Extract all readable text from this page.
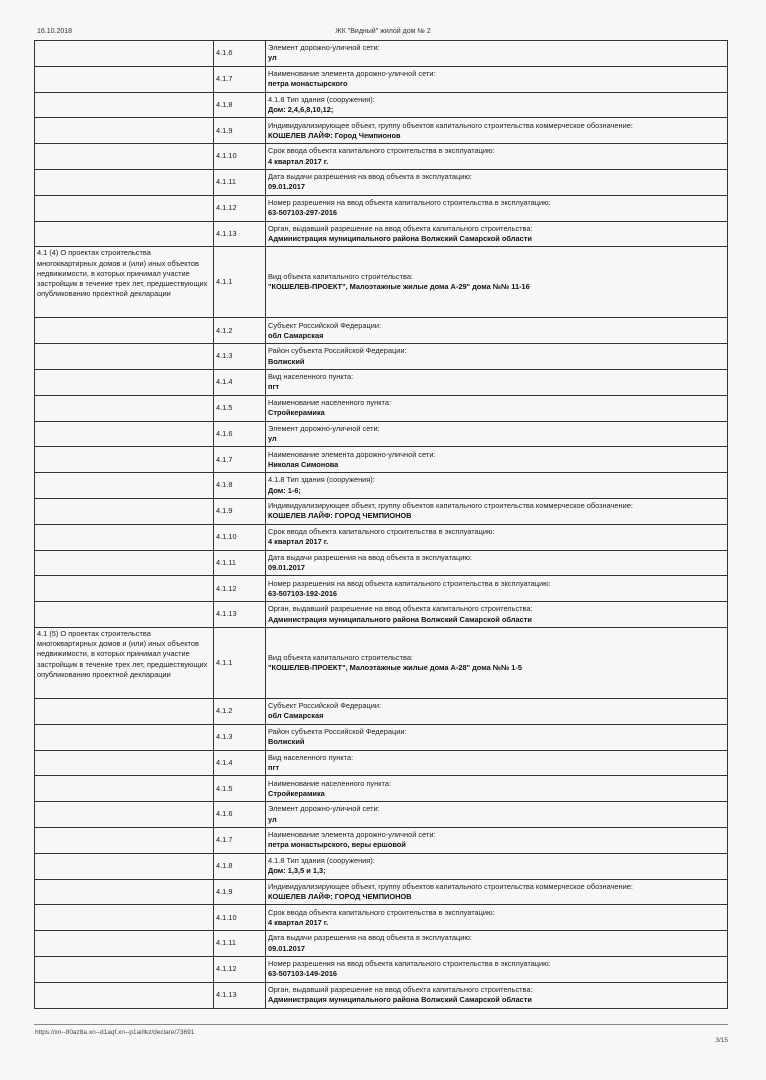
16.10.2018	ЖК "Видный" жилой дом № 2
	4.1.6	Элемент дорожно-уличной сети:
ул

	4.1.7	Наименование элемента дорожно-уличной сети:
петра монастырского

	4.1.8	4.1.8 Тип здания (сооружения):
Дом: 2,4,6,8,10,12;

	4.1.9	Индивидуализирующее объект, группу объектов капитального строительства коммерческое обозначение:
КОШЕЛЕВ ЛАЙФ: Город Чемпионов

	4.1.10	Срок ввода объекта капитального строительства в эксплуатацию:
4 квартал 2017 г.

	4.1.11	Дата выдачи разрешения на ввод объекта в эксплуатацию:
09.01.2017

	4.1.12	Номер разрешения на ввод объекта капитального строительства в эксплуатацию:
63-507103-297-2016

	4.1.13	Орган, выдавший разрешение на ввод объекта капитального строительства:
Администрация муниципального района Волжский Самарской области

4.1 (4) О проектах строительства многоквартирных домов и (или) иных объектов недвижимости, в которых принимал участие застройщик в течение трех лет, предшествующих опубликованию проектной декларации	4.1.1	Вид объекта капитального строительства:
"КОШЕЛЕВ-ПРОЕКТ", Малоэтажные жилые дома А-29" дома №№ 11-16

	4.1.2	Субъект Российской Федерации:
обл Самарская

	4.1.3	Район субъекта Российской Федерации:
Волжский

	4.1.4	Вид населенного пункта:
пгт

	4.1.5	Наименование населенного пункта:
Стройкерамика

	4.1.6	Элемент дорожно-уличной сети:
ул

	4.1.7	Наименование элемента дорожно-уличной сети:
Николая Симонова

	4.1.8	4.1.8 Тип здания (сооружения):
Дом: 1-6;

	4.1.9	Индивидуализирующее объект, группу объектов капитального строительства коммерческое обозначение:
КОШЕЛЕВ ЛАЙФ: ГОРОД ЧЕМПИОНОВ

	4.1.10	Срок ввода объекта капитального строительства в эксплуатацию:
4 квартал 2017 г.

	4.1.11	Дата выдачи разрешения на ввод объекта в эксплуатацию:
09.01.2017

	4.1.12	Номер разрешения на ввод объекта капитального строительства в эксплуатацию:
63-507103-192-2016

	4.1.13	Орган, выдавший разрешение на ввод объекта капитального строительства:
Администрация муниципального района Волжский Самарской области

4.1 (5) О проектах строительства многоквартирных домов и (или) иных объектов недвижимости, в которых принимал участие застройщик в течение трех лет, предшествующих опубликованию проектной декларации	4.1.1	Вид объекта капитального строительства:
"КОШЕЛЕВ-ПРОЕКТ", Малоэтажные жилые дома А-28" дома №№ 1-5

	4.1.2	Субъект Российской Федерации:
обл Самарская

	4.1.3	Район субъекта Российской Федерации:
Волжский

	4.1.4	Вид населенного пункта:
пгт

	4.1.5	Наименование населенного пункта:
Стройкерамика

	4.1.6	Элемент дорожно-уличной сети:
ул

	4.1.7	Наименование элемента дорожно-уличной сети:
петра монастырского, веры ершовой

	4.1.8	4.1.8 Тип здания (сооружения):
Дом: 1,3,5 и 1,3;

	4.1.9	Индивидуализирующее объект, группу объектов капитального строительства коммерческое обозначение:
КОШЕЛЕВ ЛАЙФ: ГОРОД ЧЕМПИОНОВ

	4.1.10	Срок ввода объекта капитального строительства в эксплуатацию:
4 квартал 2017 г.

	4.1.11	Дата выдачи разрешения на ввод объекта в эксплуатацию:
09.01.2017

	4.1.12	Номер разрешения на ввод объекта капитального строительства в эксплуатацию:
63-507103-149-2016

	4.1.13	Орган, выдавший разрешение на ввод объекта капитального строительства:
Администрация муниципального района Волжский Самарской области
https://xn--80az8a.xn--d1aqf.xn--p1ai/lkz/declare/73691
3/15
